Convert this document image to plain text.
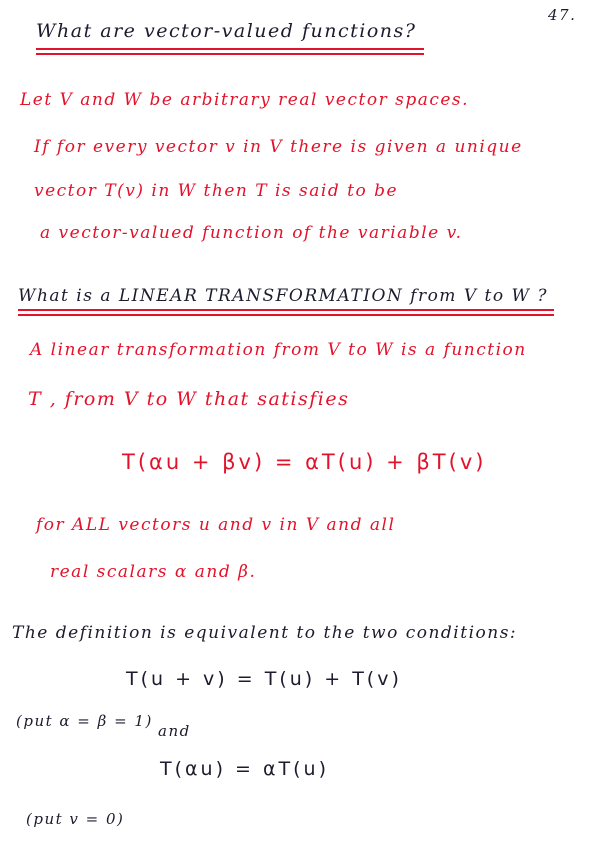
47.
What are vector-valued functions?
Let V and W be arbitrary real vector spaces.
If for every vector v in V there is given a unique
vector T(v) in W then T is said to be
a vector-valued function of the variable v.
What is a LINEAR TRANSFORMATION from V to W ?
A linear transformation from V to W is a function
T , from V to W that satisfies
T(αu + βv) = αT(u) + βT(v)
for ALL vectors u and v in V and all
real scalars α and β.
The definition is equivalent to the two conditions:
T(u + v) = T(u) + T(v)
(put α = β = 1)
and
T(αu) = αT(u)
(put v = 0)
